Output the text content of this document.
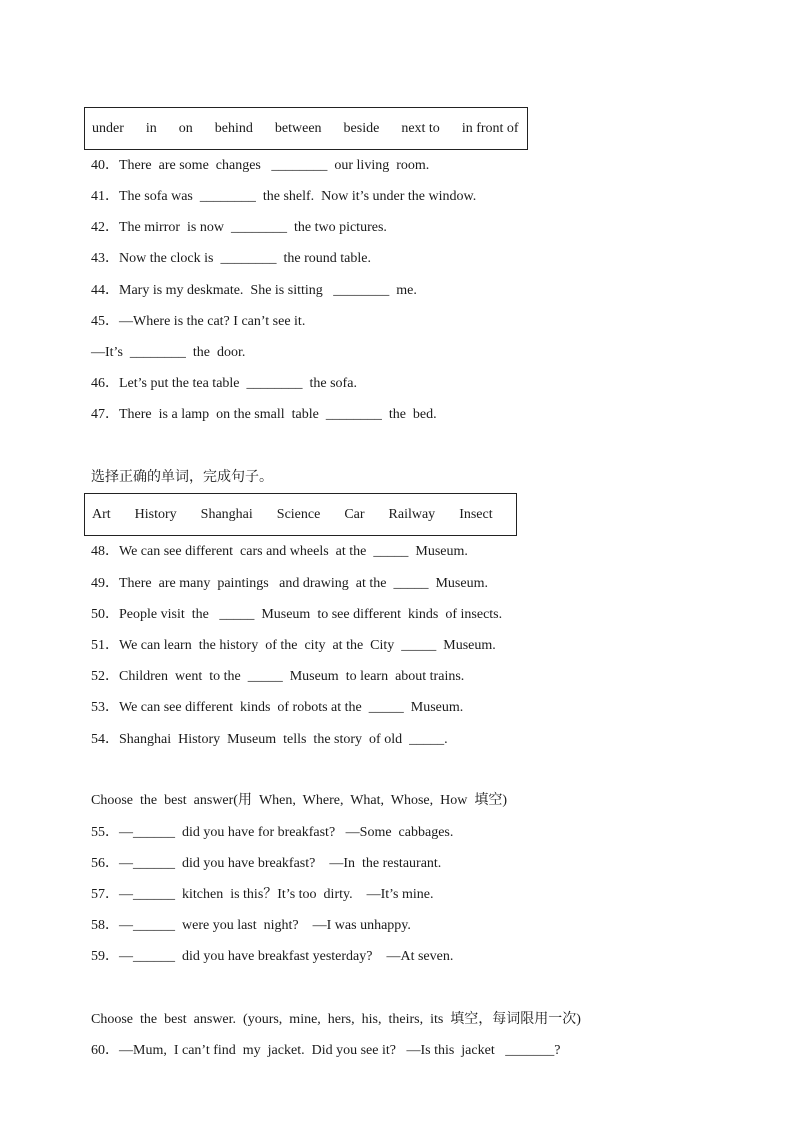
under in on behind between beside next to in front of
40．There  are some  changes   ________  our living  room.
41．The sofa was  ________  the shelf.  Now it’s under the window.
42．The mirror  is now  ________  the two pictures.
43．Now the clock is  ________  the round table.
44．Mary is my deskmate.  She is sitting   ________  me.
45．—Where is the cat? I can’t see it.
—It’s  ________  the  door.
46．Let’s put the tea table  ________  the sofa.
47．There  is a lamp  on the small  table  ________  the  bed.
选择正确的单词，完成句子。
Art History Shanghai Science Car Railway Insect
48．We can see different  cars and wheels  at the  _____  Museum.
49．There  are many  paintings   and drawing  at the  _____  Museum.
50．People visit  the   _____  Museum  to see different  kinds  of insects.
51．We can learn  the history  of the  city  at the  City  _____  Museum.
52．Children  went  to the  _____  Museum  to learn  about trains.
53．We can see different  kinds  of robots at the  _____  Museum.
54．Shanghai  History  Museum  tells  the story  of old  _____.
Choose  the  best  answer(用  When,  Where,  What,  Whose,  How  填空)
55．—______  did you have for breakfast?   —Some  cabbages.
56．—______  did you have breakfast?    —In  the restaurant.
57．—______  kitchen  is this？It’s too  dirty.    —It’s mine.
58．—______  were you last  night?    —I was unhappy.
59．—______  did you have breakfast yesterday?    —At seven.
Choose  the  best  answer.  (yours,  mine,  hers,  his,  theirs,  its  填空，每词限用一次)
60．—Mum,  I can’t find  my  jacket.  Did you see it?   —Is this  jacket   _______?
